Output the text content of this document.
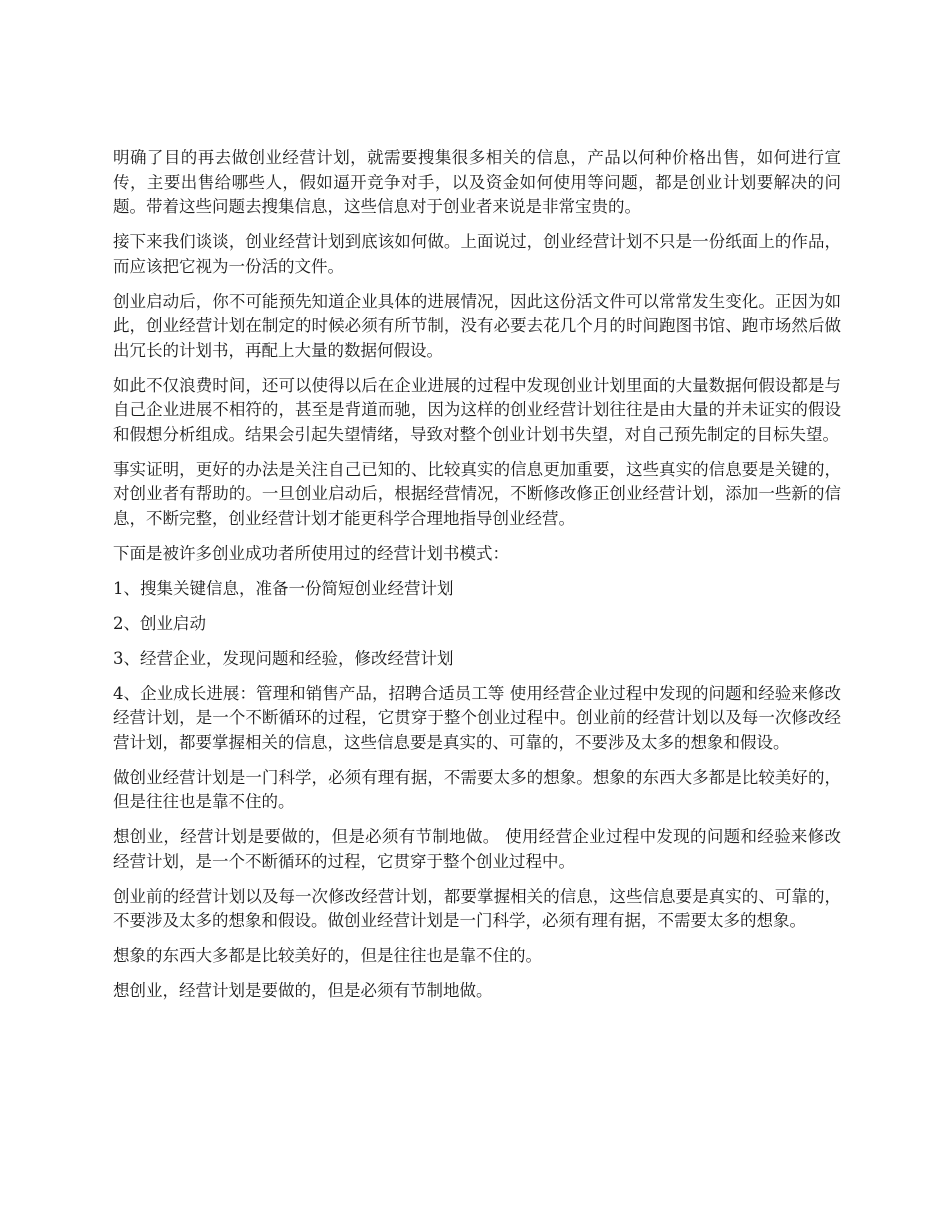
明确了目的再去做创业经营计划，就需要搜集很多相关的信息，产品以何种价格出售，如何进行宣传，主要出售给哪些人，假如逼开竞争对手，以及资金如何使用等问题，都是创业计划要解决的问题。带着这些问题去搜集信息，这些信息对于创业者来说是非常宝贵的。

接下来我们谈谈，创业经营计划到底该如何做。上面说过，创业经营计划不只是一份纸面上的作品，而应该把它视为一份活的文件。

创业启动后，你不可能预先知道企业具体的进展情况，因此这份活文件可以常常发生变化。正因为如此，创业经营计划在制定的时候必须有所节制，没有必要去花几个月的时间跑图书馆、跑市场然后做出冗长的计划书，再配上大量的数据何假设。

如此不仅浪费时间，还可以使得以后在企业进展的过程中发现创业计划里面的大量数据何假设都是与自己企业进展不相符的，甚至是背道而驰，因为这样的创业经营计划往往是由大量的并未证实的假设和假想分析组成。结果会引起失望情绪，导致对整个创业计划书失望，对自己预先制定的目标失望。

事实证明，更好的办法是关注自己已知的、比较真实的信息更加重要，这些真实的信息要是关键的，对创业者有帮助的。一旦创业启动后，根据经营情况，不断修改修正创业经营计划，添加一些新的信息，不断完整，创业经营计划才能更科学合理地指导创业经营。

下面是被许多创业成功者所使用过的经营计划书模式：

1、搜集关键信息，准备一份简短创业经营计划

2、创业启动

3、经营企业，发现问题和经验，修改经营计划

4、企业成长进展：管理和销售产品，招聘合适员工等 使用经营企业过程中发现的问题和经验来修改经营计划，是一个不断循环的过程，它贯穿于整个创业过程中。创业前的经营计划以及每一次修改经营计划，都要掌握相关的信息，这些信息要是真实的、可靠的，不要涉及太多的想象和假设。

做创业经营计划是一门科学，必须有理有据，不需要太多的想象。想象的东西大多都是比较美好的，但是往往也是靠不住的。

想创业，经营计划是要做的，但是必须有节制地做。 使用经营企业过程中发现的问题和经验来修改经营计划，是一个不断循环的过程，它贯穿于整个创业过程中。

创业前的经营计划以及每一次修改经营计划，都要掌握相关的信息，这些信息要是真实的、可靠的，不要涉及太多的想象和假设。做创业经营计划是一门科学，必须有理有据，不需要太多的想象。

想象的东西大多都是比较美好的，但是往往也是靠不住的。

想创业，经营计划是要做的，但是必须有节制地做。
